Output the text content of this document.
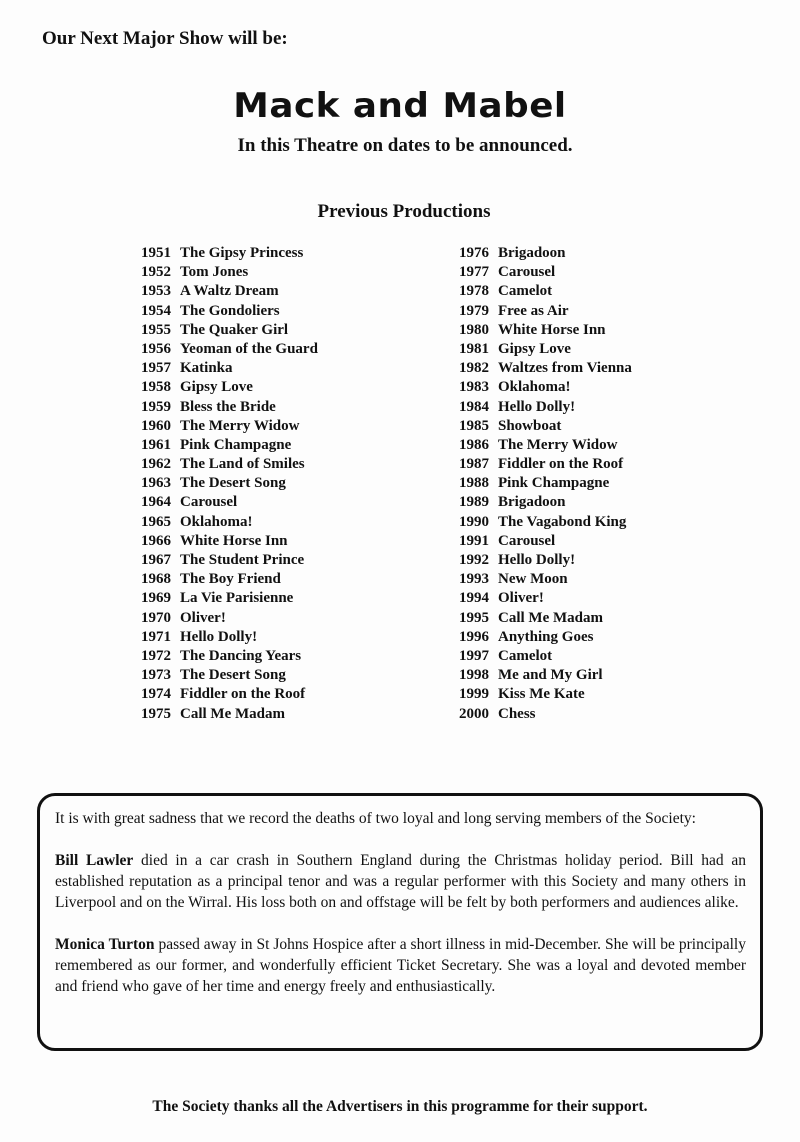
Our Next Major Show will be:
Mack and Mabel
In this Theatre on dates to be announced.
Previous Productions
1951 The Gipsy Princess
1952 Tom Jones
1953 A Waltz Dream
1954 The Gondoliers
1955 The Quaker Girl
1956 Yeoman of the Guard
1957 Katinka
1958 Gipsy Love
1959 Bless the Bride
1960 The Merry Widow
1961 Pink Champagne
1962 The Land of Smiles
1963 The Desert Song
1964 Carousel
1965 Oklahoma!
1966 White Horse Inn
1967 The Student Prince
1968 The Boy Friend
1969 La Vie Parisienne
1970 Oliver!
1971 Hello Dolly!
1972 The Dancing Years
1973 The Desert Song
1974 Fiddler on the Roof
1975 Call Me Madam
1976 Brigadoon
1977 Carousel
1978 Camelot
1979 Free as Air
1980 White Horse Inn
1981 Gipsy Love
1982 Waltzes from Vienna
1983 Oklahoma!
1984 Hello Dolly!
1985 Showboat
1986 The Merry Widow
1987 Fiddler on the Roof
1988 Pink Champagne
1989 Brigadoon
1990 The Vagabond King
1991 Carousel
1992 Hello Dolly!
1993 New Moon
1994 Oliver!
1995 Call Me Madam
1996 Anything Goes
1997 Camelot
1998 Me and My Girl
1999 Kiss Me Kate
2000 Chess

It is with great sadness that we record the deaths of two loyal and long serving members of the Society:

Bill Lawler died in a car crash in Southern England during the Christmas holiday period. Bill had an established reputation as a principal tenor and was a regular performer with this Society and many others in Liverpool and on the Wirral. His loss both on and offstage will be felt by both performers and audiences alike.

Monica Turton passed away in St Johns Hospice after a short illness in mid-December. She will be principally remembered as our former, and wonderfully efficient Ticket Secretary. She was a loyal and devoted member and friend who gave of her time and energy freely and enthusiastically.

The Society thanks all the Advertisers in this programme for their support.
